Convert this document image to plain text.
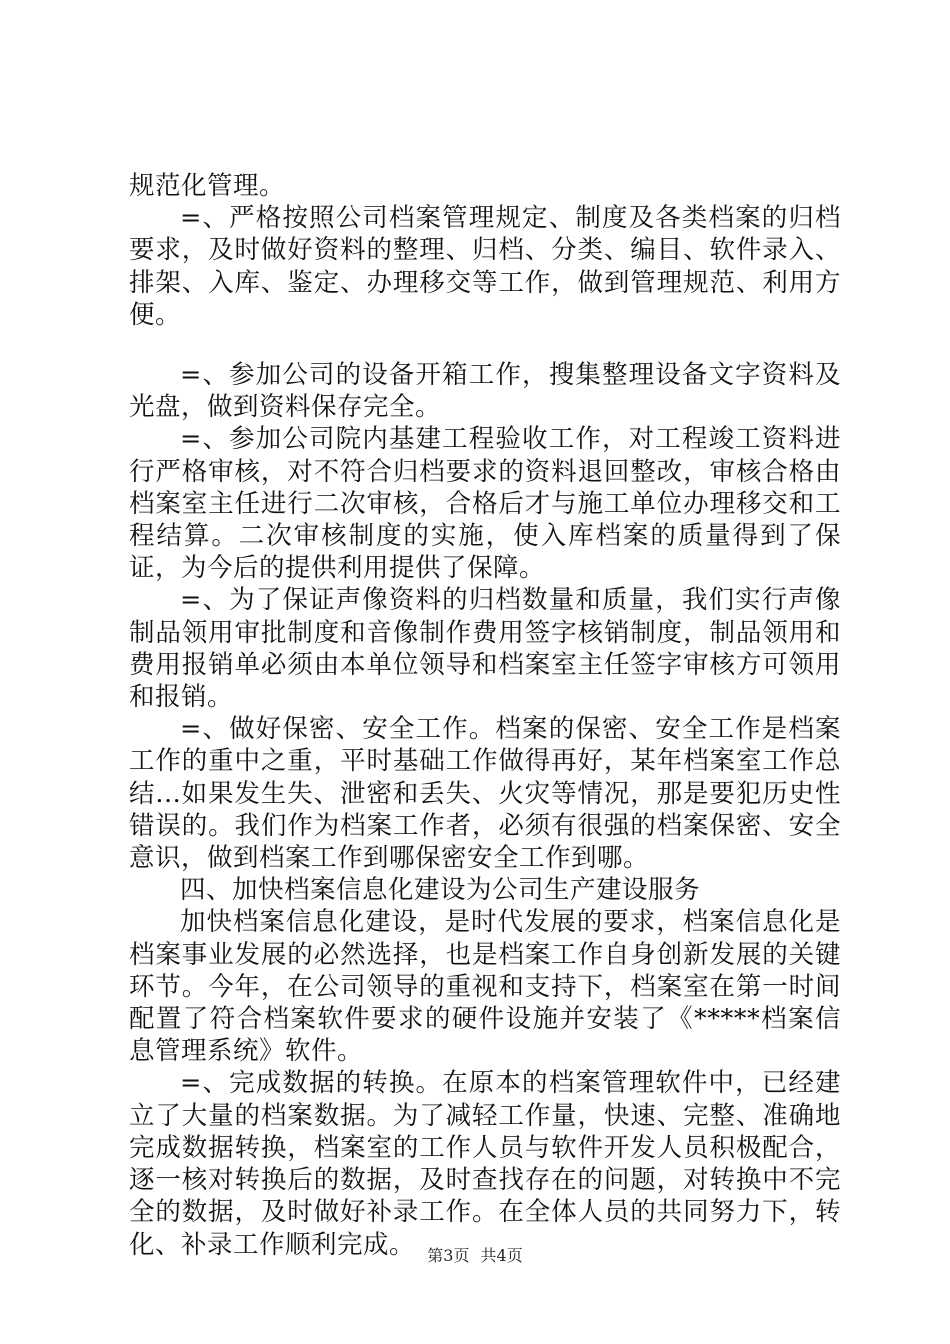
规范化管理。

=、严格按照公司档案管理规定、制度及各类档案的归档要求，及时做好资料的整理、归档、分类、编目、软件录入、排架、入库、鉴定、办理移交等工作，做到管理规范、利用方便。

=、参加公司的设备开箱工作，搜集整理设备文字资料及光盘，做到资料保存完全。

=、参加公司院内基建工程验收工作，对工程竣工资料进行严格审核，对不符合归档要求的资料退回整改，审核合格由档案室主任进行二次审核，合格后才与施工单位办理移交和工程结算。二次审核制度的实施，使入库档案的质量得到了保证，为今后的提供利用提供了保障。

=、为了保证声像资料的归档数量和质量，我们实行声像制品领用审批制度和音像制作费用签字核销制度，制品领用和费用报销单必须由本单位领导和档案室主任签字审核方可领用和报销。

=、做好保密、安全工作。档案的保密、安全工作是档案工作的重中之重，平时基础工作做得再好，某年档案室工作总结...如果发生失、泄密和丢失、火灾等情况，那是要犯历史性错误的。我们作为档案工作者，必须有很强的档案保密、安全意识，做到档案工作到哪保密安全工作到哪。

四、加快档案信息化建设为公司生产建设服务

加快档案信息化建设，是时代发展的要求，档案信息化是档案事业发展的必然选择，也是档案工作自身创新发展的关键环节。今年，在公司领导的重视和支持下，档案室在第一时间配置了符合档案软件要求的硬件设施并安装了《*****档案信息管理系统》软件。

=、完成数据的转换。在原本的档案管理软件中，已经建立了大量的档案数据。为了减轻工作量，快速、完整、准确地完成数据转换，档案室的工作人员与软件开发人员积极配合，逐一核对转换后的数据，及时查找存在的问题，对转换中不完全的数据，及时做好补录工作。在全体人员的共同努力下，转化、补录工作顺利完成。 第3页 共4页
